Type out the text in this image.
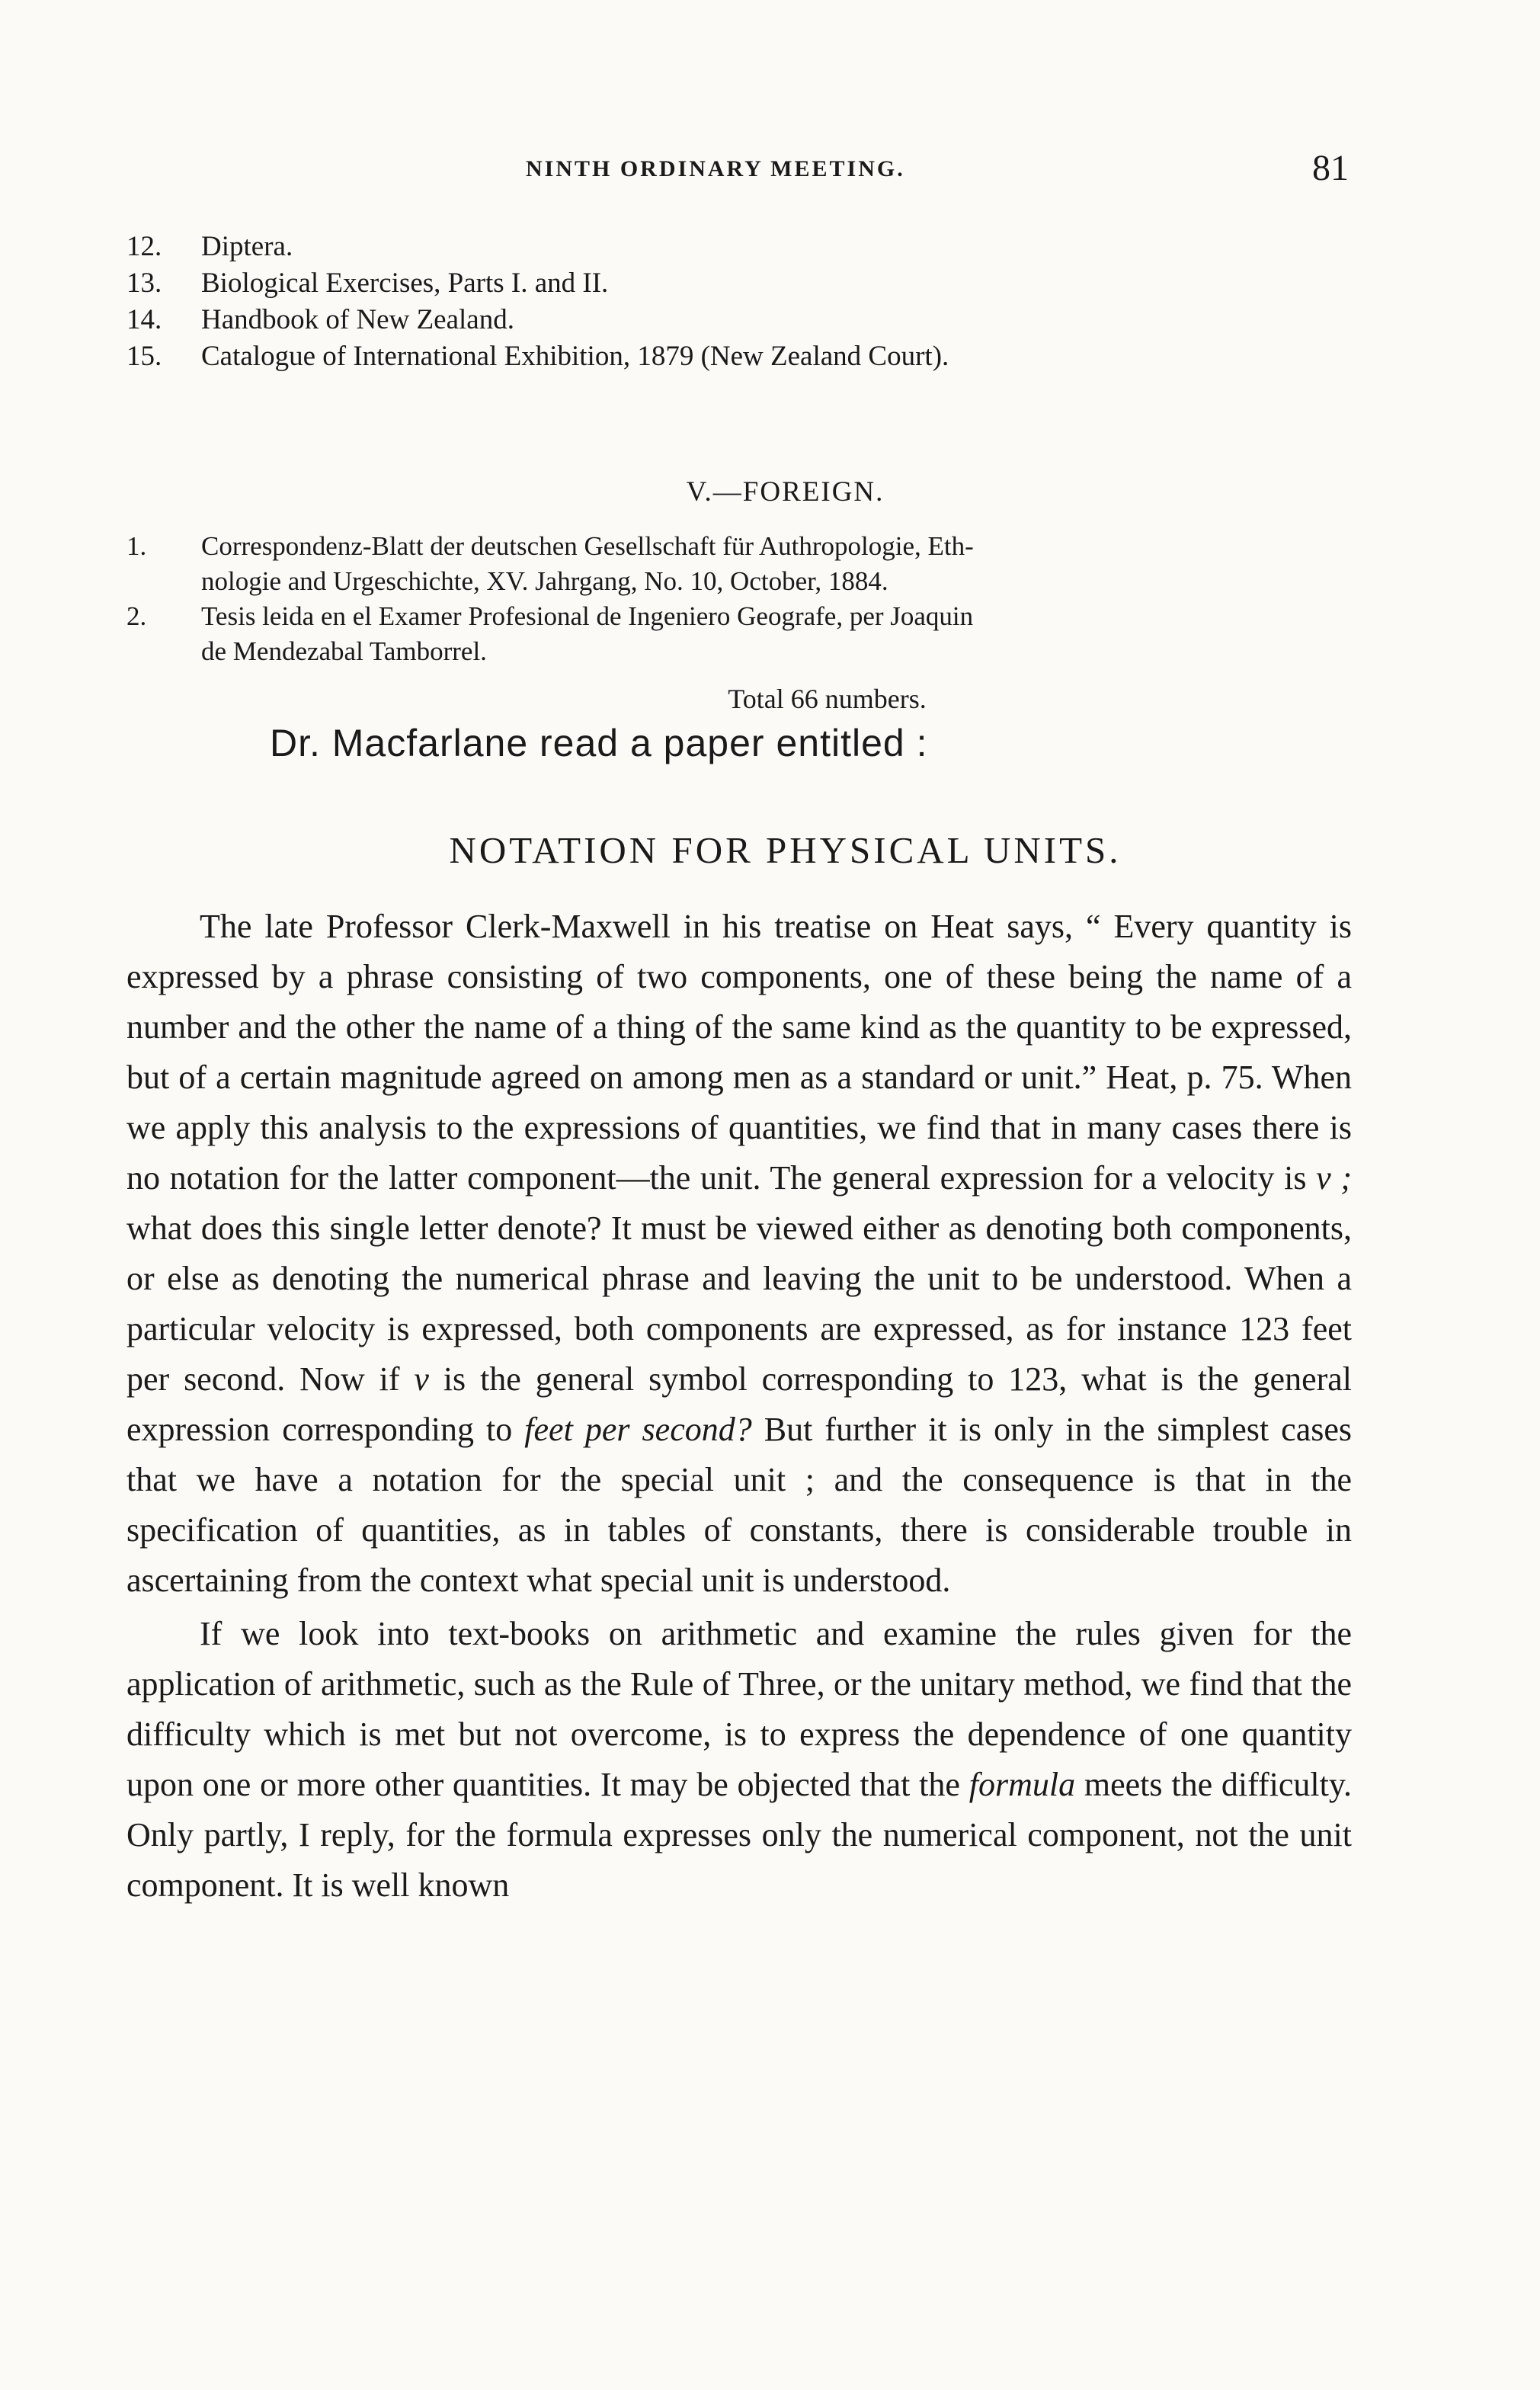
NINTH ORDINARY MEETING.	81
12. Diptera.
13. Biological Exercises, Parts I. and II.
14. Handbook of New Zealand.
15. Catalogue of International Exhibition, 1879 (New Zealand Court).
V.—FOREIGN.
1. Correspondenz-Blatt der deutschen Gesellschaft für Authropologie, Eth-
nologie and Urgeschichte, XV. Jahrgang, No. 10, October, 1884.
2. Tesis leida en el Examer Profesional de Ingeniero Geografe, per Joaquin
de Mendezabal Tamborrel.
Total 66 numbers.
Dr. Macfarlane read a paper entitled :
NOTATION FOR PHYSICAL UNITS.

The late Professor Clerk-Maxwell in his treatise on Heat says, “ Every quantity is expressed by a phrase consisting of two components, one of these being the name of a number and the other the name of a thing of the same kind as the quantity to be expressed, but of a certain magnitude agreed on among men as a standard or unit.” Heat, p. 75. When we apply this analysis to the expressions of quantities, we find that in many cases there is no notation for the latter component—the unit. The general expression for a velocity is v ; what does this single letter denote? It must be viewed either as denoting both components, or else as denoting the numerical phrase and leaving the unit to be understood. When a particular velocity is expressed, both components are expressed, as for instance 123 feet per second. Now if v is the general symbol corresponding to 123, what is the general expression corresponding to feet per second? But further it is only in the simplest cases that we have a notation for the special unit ; and the consequence is that in the specification of quantities, as in tables of constants, there is considerable trouble in ascertaining from the context what special unit is understood.

If we look into text-books on arithmetic and examine the rules given for the application of arithmetic, such as the Rule of Three, or the unitary method, we find that the difficulty which is met but not overcome, is to express the dependence of one quantity upon one or more other quantities. It may be objected that the formula meets the difficulty. Only partly, I reply, for the formula expresses only the numerical component, not the unit component. It is well known
